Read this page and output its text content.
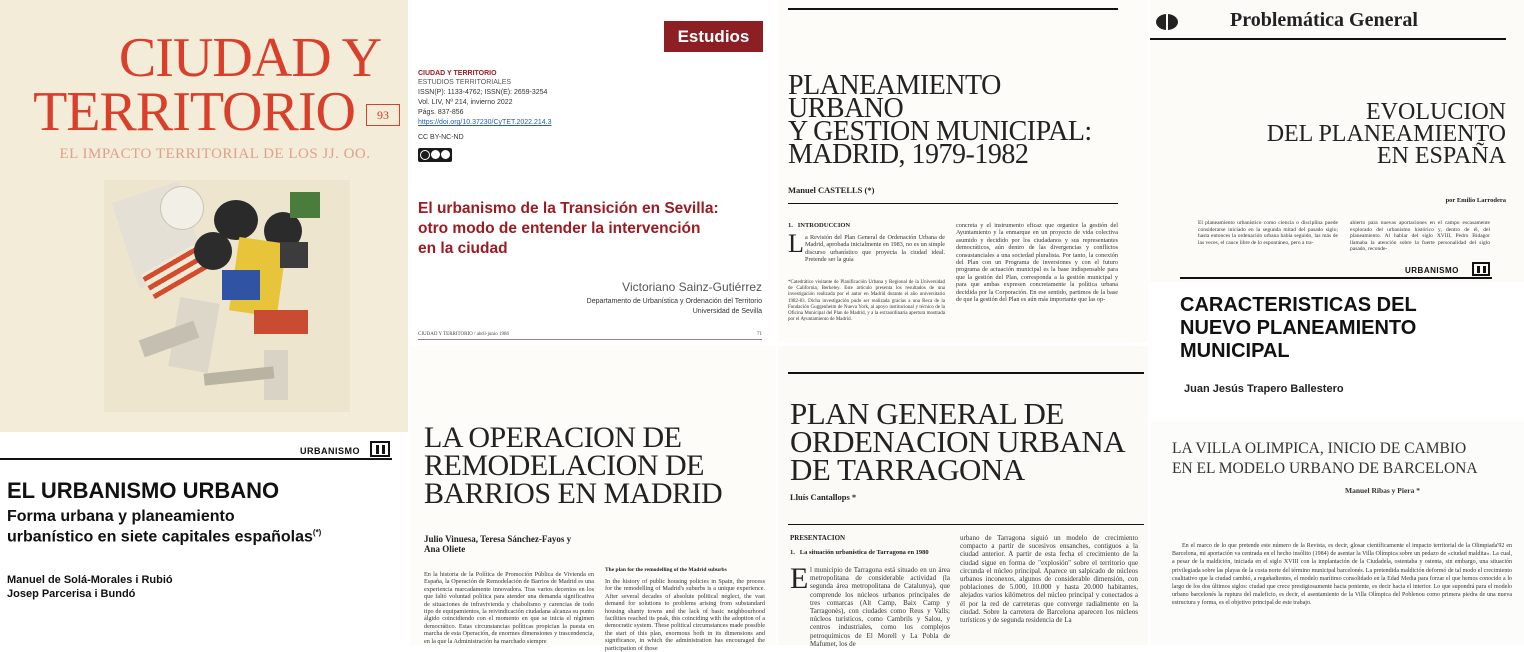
CIUDAD Y
TERRITORIO	93
EL IMPACTO TERRITORIAL DE LOS JJ. OO.
URBANISMO
EL URBANISMO URBANO
Forma urbana y planeamiento
urbanístico en siete capitales españolas(*)
Manuel de Solá-Morales i Rubió
Josep Parcerisa i Bundó
Estudios
CIUDAD Y TERRITORIO
ESTUDIOS TERRITORIALES
ISSN(P): 1133-4762; ISSN(E): 2659-3254
Vol. LIV, Nº 214, invierno 2022
Págs. 837-856
https://doi.org/10.37230/CyTET.2022.214.3
CC BY-NC-ND
El urbanismo de la Transición en Sevilla:
otro modo de entender la intervención
en la ciudad
Victoriano Sainz-Gutiérrez
Departamento de Urbanística y Ordenación del Territorio
Universidad de Sevilla
CIUDAD Y TERRITORIO / abril-junio 1986	71
LA OPERACION DE
REMODELACION DE
BARRIOS EN MADRID
Julio Vinuesa, Teresa Sánchez-Fayos y
Ana Oliete
The plan for the remodelling of the Madrid suburbs
En la historia de la Política de Promoción Pública de Vivienda en España, la Operación de Remodelación de Barrios de Madrid es una experiencia marcadamente innovadora. Tras varios decenios en los que faltó voluntad política para atender una demanda significativa de situaciones de infravivienda y chabolismo y carencias de todo tipo de equipamientos, la reivindicación ciudadana alcanza su punto álgido coincidiendo con el momento en que se inicia el régimen democrático. Estas circunstancias políticas propician la puesta en marcha de esta Operación, de enormes dimensiones y trascendencia, en la que la Administración ha marchado siempre
In the history of public housing policies in Spain, the process for the remodelling of Madrid's suburbs is a unique experience. After several decades of absolute political neglect, the vast demand for solutions to problems arising from substandard housing shanty towns and the lack of basic neighbourhood facilities reached its peak, this coinciding with the adoption of a democratic system. These political circumstances made possible the start of this plan, enormous both in its dimensions and significance, in which the administration has encouraged the participation of those
PLANEAMIENTO
URBANO
Y GESTION MUNICIPAL:
MADRID, 1979-1982
Manuel CASTELLS (*)
1.   INTRODUCCION
L a Revisión del Plan General de Ordenación Urbana de Madrid, aprobada inicialmente en 1983, no es un simple discurso urbanístico que proyecta la ciudad ideal. Pretende ser la guía
*Catedrático visitante de Planificación Urbana y Regional de la Universidad de California, Berkeley. Este artículo presenta los resultados de una investigación realizada por el autor en Madrid durante el año universitario 1982-83. Dicha investigación pudo ser realizada gracias a una Beca de la Fundación Guggenheim de Nueva York, al apoyo institucional y técnico de la Oficina Municipal del Plan de Madrid, y a la extraordinaria apertura mostrada por el Ayuntamiento de Madrid.
concreta y el instrumento eficaz que organice la gestión del Ayuntamiento y la enmarque en un proyecto de vida colectiva asumido y decidido por los ciudadanos y sus representantes democráticos, aún dentro de las divergencias y conflictos consustanciales a una sociedad pluralista. Por tanto, la conexión del Plan con un Programa de inversiones y con el futuro programa de actuación municipal es la base indispensable para que la gestión del Plan, corresponda a la gestión municipal y para que ambas expresen concretamente la política urbana decidida por la Corporación. En ese sentido, partimos de la base de que la gestión del Plan es aún más importante que las op-
PLAN GENERAL DE
ORDENACION URBANA
DE TARRAGONA
Lluís Cantallops *
PRESENTACION
1.   La situación urbanística de Tarragona en 1980
E l municipio de Tarragona está situado en un área metropolitana de considerable actividad (la segunda área metropolitana de Catalunya), que comprende los núcleos urbanos principales de tres comarcas (Alt Camp, Baix Camp y Tarragonès), con ciudades como Reus y Valls; núcleos turísticos, como Cambrils y Salou, y centros industriales, como los complejos petroquímicos de El Morell y La Pobla de Mafumet, los de
urbano de Tarragona siguió un modelo de crecimiento compacto a partir de sucesivos ensanches, contiguos a la ciudad anterior. A partir de esta fecha el crecimiento de la ciudad sigue en forma de "explosión" sobre el territorio que circunda el núcleo principal. Aparece un salpicado de núcleos urbanos inconexos, algunos de considerable dimensión, con poblaciones de 5.000, 10.000 y hasta 20.000 habitantes, alejados varios kilómetros del núcleo principal y conectados a él por la red de carreteras que converge radialmente en la ciudad. Sobre la carretera de Barcelona aparecen los núcleos turísticos y de segunda residencia de La
Problemática General
EVOLUCION
DEL PLANEAMIENTO
EN ESPAÑA
por Emilio Larrodera
El planeamiento urbanístico como ciencia o disciplina puede considerarse iniciado en la segunda mitad del pasado siglo; hasta entonces la ordenación urbana había seguido, las más de las veces, el cauce libre de lo espontáneo, pero a tra-
abierto para nuevas aportaciones en el campo escasamente explorado del urbanismo histórico y, dentro de él, del planeamiento. Al hablar del siglo XVIII, Pedro Bidagor llamaba la atención sobre la fuerte personalidad del siglo pasado, reconde-
URBANISMO
CARACTERISTICAS DEL
NUEVO PLANEAMIENTO
MUNICIPAL
Juan Jesús Trapero Ballestero
LA VILLA OLIMPICA, INICIO DE CAMBIO
EN EL MODELO URBANO DE BARCELONA
Manuel Ribas y Piera *
En el marco de lo que pretende este número de la Revista, es decir, glosar científicamente el impacto territorial de la Olimpiada'92 en Barcelona, mi aportación va centrada en el hecho insólito (1984) de asentar la Villa Olímpica sobre un pedazo de «ciudad maldita». La cual, a pesar de la maldición, iniciada en el siglo XVIII con la implantación de la Ciudadela, ostentaba y ostenta, sin embargo, una situación privilegiada sobre las playas de la costa norte del término municipal barcelonés. La pretendida maldición deformó de tal modo el crecimiento cualitativo que la ciudad cambió, a regañadientes, el modelo marítimo consolidado en la Edad Media para forzar el que hemos conocido a lo largo de los dos últimos siglos: ciudad que crece prestigiosamente hacia poniente, es decir hacia el interior. Lo que supondrá para el modelo urbano barcelonés la ruptura del maleficio, es decir, el asentamiento de la Villa Olímpica del Poblenou como primera piedra de una nueva estructura y forma, es el objetivo principal de este trabajo.
